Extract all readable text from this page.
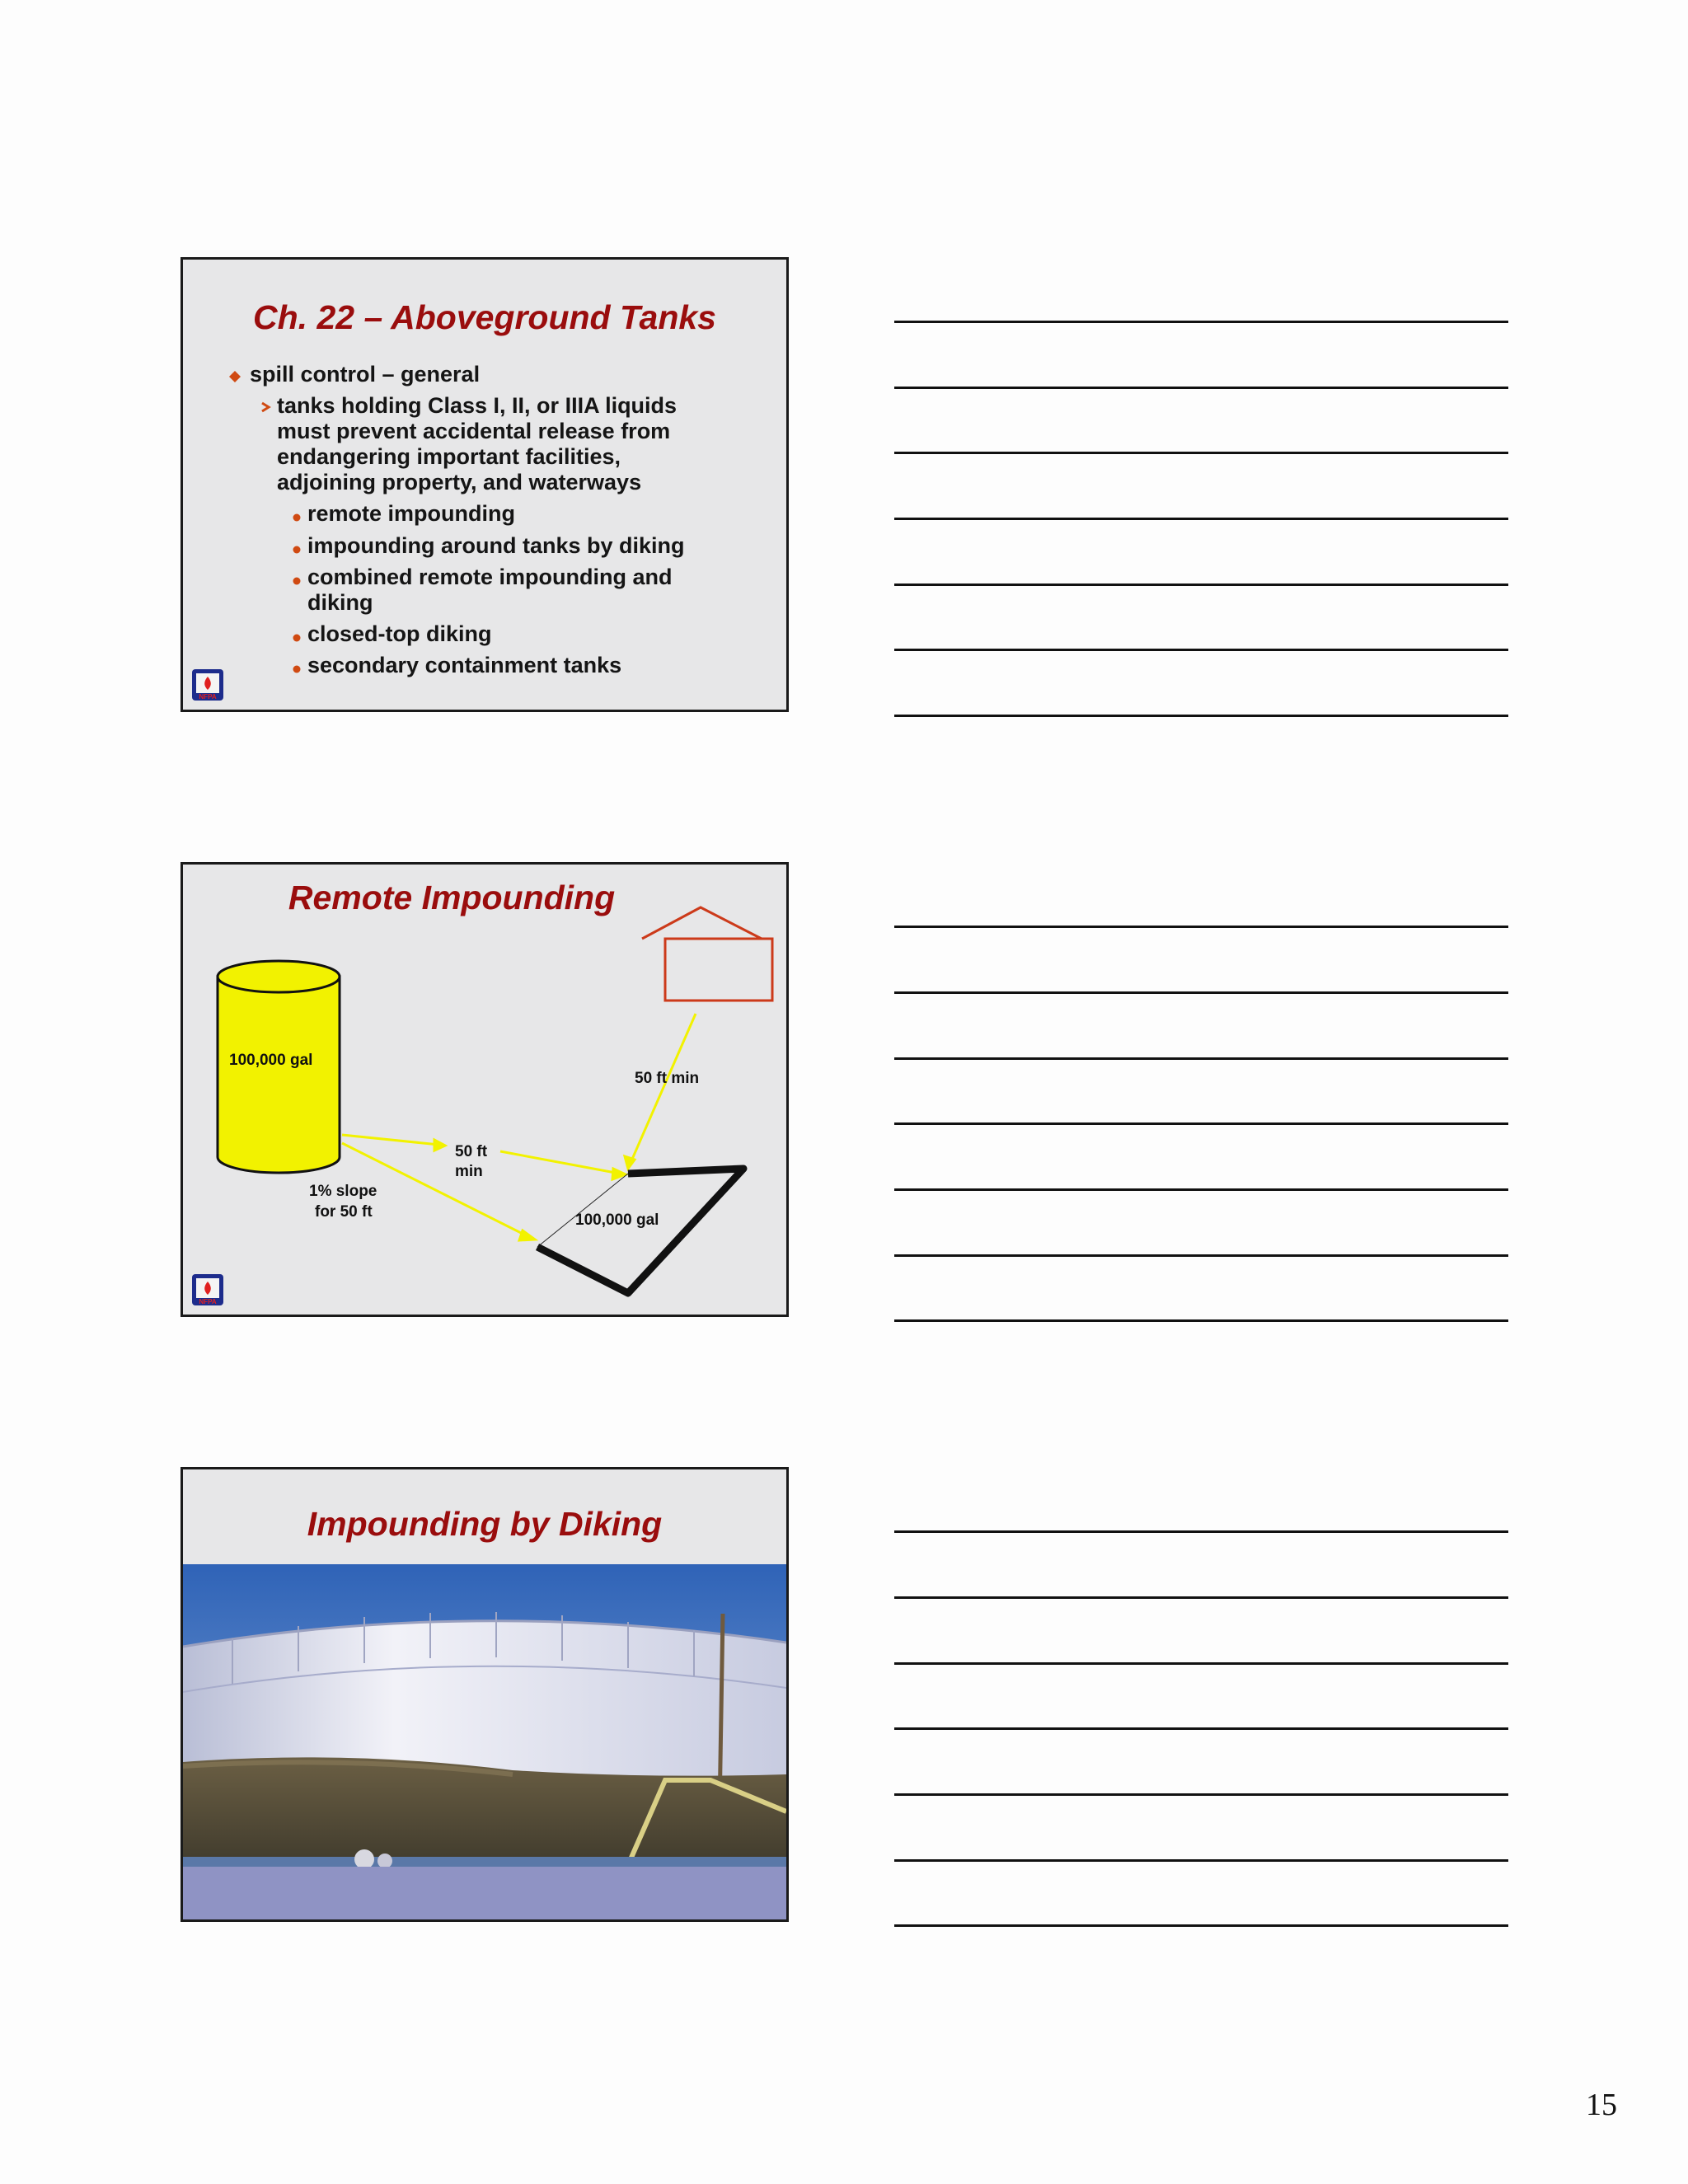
Ch. 22 – Aboveground Tanks
spill control – general
tanks holding Class I, II, or IIIA liquids
must prevent accidental release from
endangering important facilities,
adjoining property, and waterways
remote impounding
impounding around tanks by diking
combined remote impounding and
diking
closed-top diking
secondary containment tanks
NFPA
Remote Impounding
100,000 gal
50 ft min
50 ft
min
1% slope
for 50 ft	100,000 gal
NFPA
Impounding by Diking
15
